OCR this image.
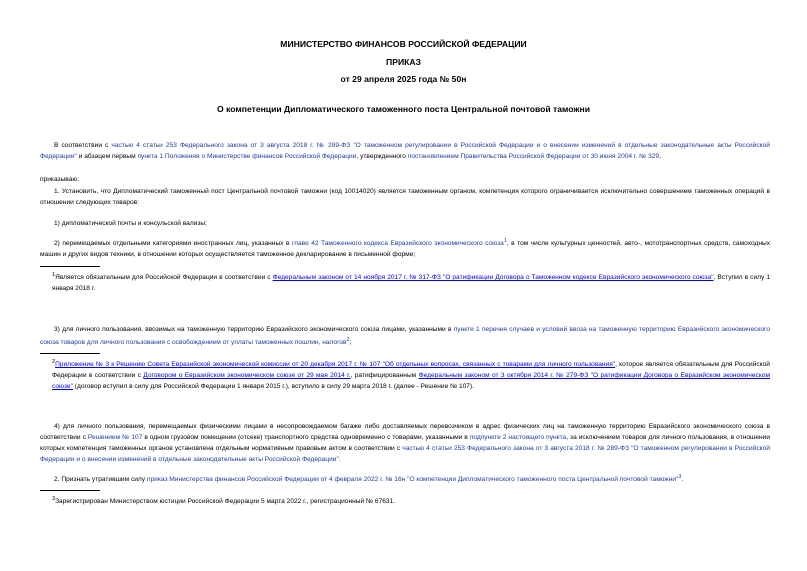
МИНИСТЕРСТВО ФИНАНСОВ РОССИЙСКОЙ ФЕДЕРАЦИИ
ПРИКАЗ
от 29 апреля 2025 года № 50н
О компетенции Дипломатического таможенного поста Центральной почтовой таможни
В соответствии с частью 4 статьи 253 Федерального закона от 3 августа 2018 г. № 289-ФЗ "О таможенном регулировании в Российской Федерации и о внесении изменений в отдельные законодательные акты Российской Федерации" и абзацем первым пункта 1 Положения о Министерстве финансов Российской Федерации, утвержденного постановлением Правительства Российской Федерации от 30 июня 2004 г. № 329,
приказываю:
1. Установить, что Дипломатический таможенный пост Центральной почтовой таможни (код 10014020) является таможенным органом, компетенция которого ограничивается исключительно совершением таможенных операций в отношении следующих товаров:
1) дипломатической почты и консульской вализы;
2) перемещаемых отдельными категориями иностранных лиц, указанных в главе 42 Таможенного кодекса Евразийского экономического союза$^1$, в том числе культурных ценностей, авто-, мототранспортных средств, самоходных машин и других видов техники, в отношении которых осуществляется таможенное декларирование в письменной форме;
$^1$Является обязательным для Российской Федерации в соответствии с Федеральным законом от 14 ноября 2017 г. № 317-ФЗ "О ратификации Договора о Таможенном кодексе Евразийского экономического союза". Вступил в силу 1 января 2018 г.
3) для личного пользования, ввозимых на таможенную территорию Евразийского экономического союза лицами, указанными в пункте 1 перечня случаев и условий ввоза на таможенную территорию Евразийского экономического союза товаров для личного пользования с освобождением от уплаты таможенных пошлин, налогов$^2$;
$^2$Приложение № 3 к Решению Совета Евразийской экономической комиссии от 20 декабря 2017 г. № 107 "Об отдельных вопросах, связанных с товарами для личного пользования", которое является обязательным для Российской Федерации в соответствии с Договором о Евразийском экономическом союзе от 29 мая 2014 г., ратифицированным Федеральным законом от 3 октября 2014 г. № 279-ФЗ "О ратификации Договора о Евразийском экономическом союзе" (договор вступил в силу для Российской Федерации 1 января 2015 г.), вступило в силу 29 марта 2018 г. (далее - Решение № 107).
4) для личного пользования, перемещаемых физическими лицами в несопровождаемом багаже либо доставляемых перевозчиком в адрес физических лиц на таможенную территорию Евразийского экономического союза в соответствии с Решением № 107 в одном грузовом помещении (отсеке) транспортного средства одновременно с товарами, указанными в подпункте 2 настоящего пункта, за исключением товаров для личного пользования, в отношении которых компетенция таможенных органов установлена отдельным нормативным правовым актом в соответствии с частью 4 статьи 253 Федерального закона от 3 августа 2018 г. № 289-ФЗ "О таможенном регулировании в Российской Федерации и о внесении изменений в отдельные законодательные акты Российской Федерации".
2. Признать утратившим силу приказ Министерства финансов Российской Федерации от 4 февраля 2022 г. № 16н "О компетенции Дипломатического таможенного поста Центральной почтовой таможни"$^3$.
$^3$Зарегистрирован Министерством юстиции Российской Федерации 5 марта 2022 г., регистрационный № 67631.
